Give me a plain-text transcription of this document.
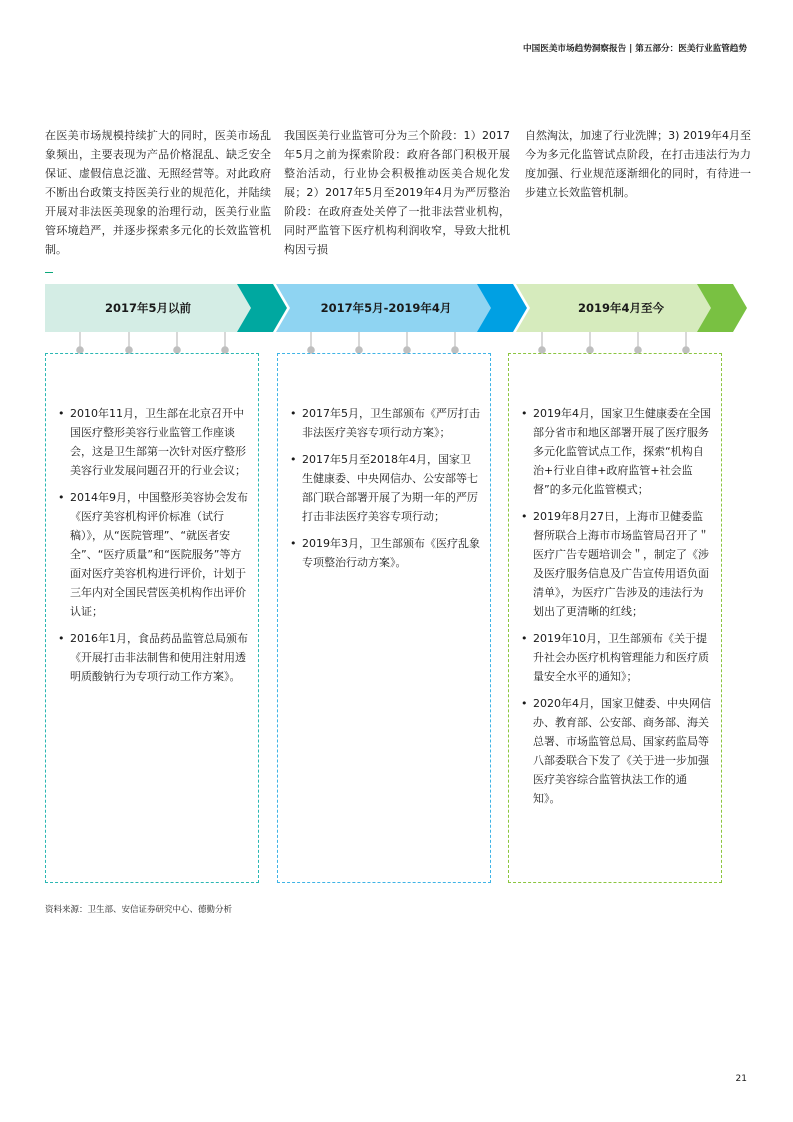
中国医美市场趋势洞察报告 | 第五部分：医美行业监管趋势
在医美市场规模持续扩大的同时，医美市场乱象频出，主要表现为产品价格混乱、缺乏安全保证、虚假信息泛滥、无照经营等。对此政府不断出台政策支持医美行业的规范化，并陆续开展对非法医美现象的治理行动，医美行业监管环境趋严，并逐步探索多元化的长效监管机制。
我国医美行业监管可分为三个阶段：1）2017年5月之前为探索阶段：政府各部门积极开展整治活动，行业协会积极推动医美合规化发展；2）2017年5月至2019年4月为严厉整治阶段：在政府查处关停了一批非法营业机构，同时严监管下医疗机构利润收窄，导致大批机构因亏损
自然淘汰，加速了行业洗牌；3) 2019年4月至今为多元化监管试点阶段，在打击违法行为力度加强、行业规范逐渐细化的同时，有待进一步建立长效监管机制。
2017年5月以前	2017年5月-2019年4月	2019年4月至今
• 2010年11月，卫生部在北京召开中国医疗整形美容行业监管工作座谈会，这是卫生部第一次针对医疗整形美容行业发展问题召开的行业会议；
• 2014年9月，中国整形美容协会发布《医疗美容机构评价标准（试行稿）》，从“医院管理”、“就医者安全”、“医疗质量”和“医院服务”等方面对医疗美容机构进行评价，计划于三年内对全国民营医美机构作出评价认证；
• 2016年1月，食品药品监管总局颁布《开展打击非法制售和使用注射用透明质酸钠行为专项行动工作方案》。
• 2017年5月，卫生部颁布《严厉打击非法医疗美容专项行动方案》；
• 2017年5月至2018年4月，国家卫生健康委、中央网信办、公安部等七部门联合部署开展了为期一年的严厉打击非法医疗美容专项行动；
• 2019年3月，卫生部颁布《医疗乱象专项整治行动方案》。
• 2019年4月，国家卫生健康委在全国部分省市和地区部署开展了医疗服务多元化监管试点工作，探索“机构自治+行业自律+政府监管+社会监督”的多元化监管模式；
• 2019年8月27日，上海市卫健委监督所联合上海市市场监管局召开了＂医疗广告专题培训会＂，制定了《涉及医疗服务信息及广告宣传用语负面清单》，为医疗广告涉及的违法行为划出了更清晰的红线；
• 2019年10月，卫生部颁布《关于提升社会办医疗机构管理能力和医疗质量安全水平的通知》；
• 2020年4月，国家卫健委、中央网信办、教育部、公安部、商务部、海关总署、市场监管总局、国家药监局等八部委联合下发了《关于进一步加强医疗美容综合监管执法工作的通知》。
资料来源：卫生部、安信证券研究中心、德勤分析
21
